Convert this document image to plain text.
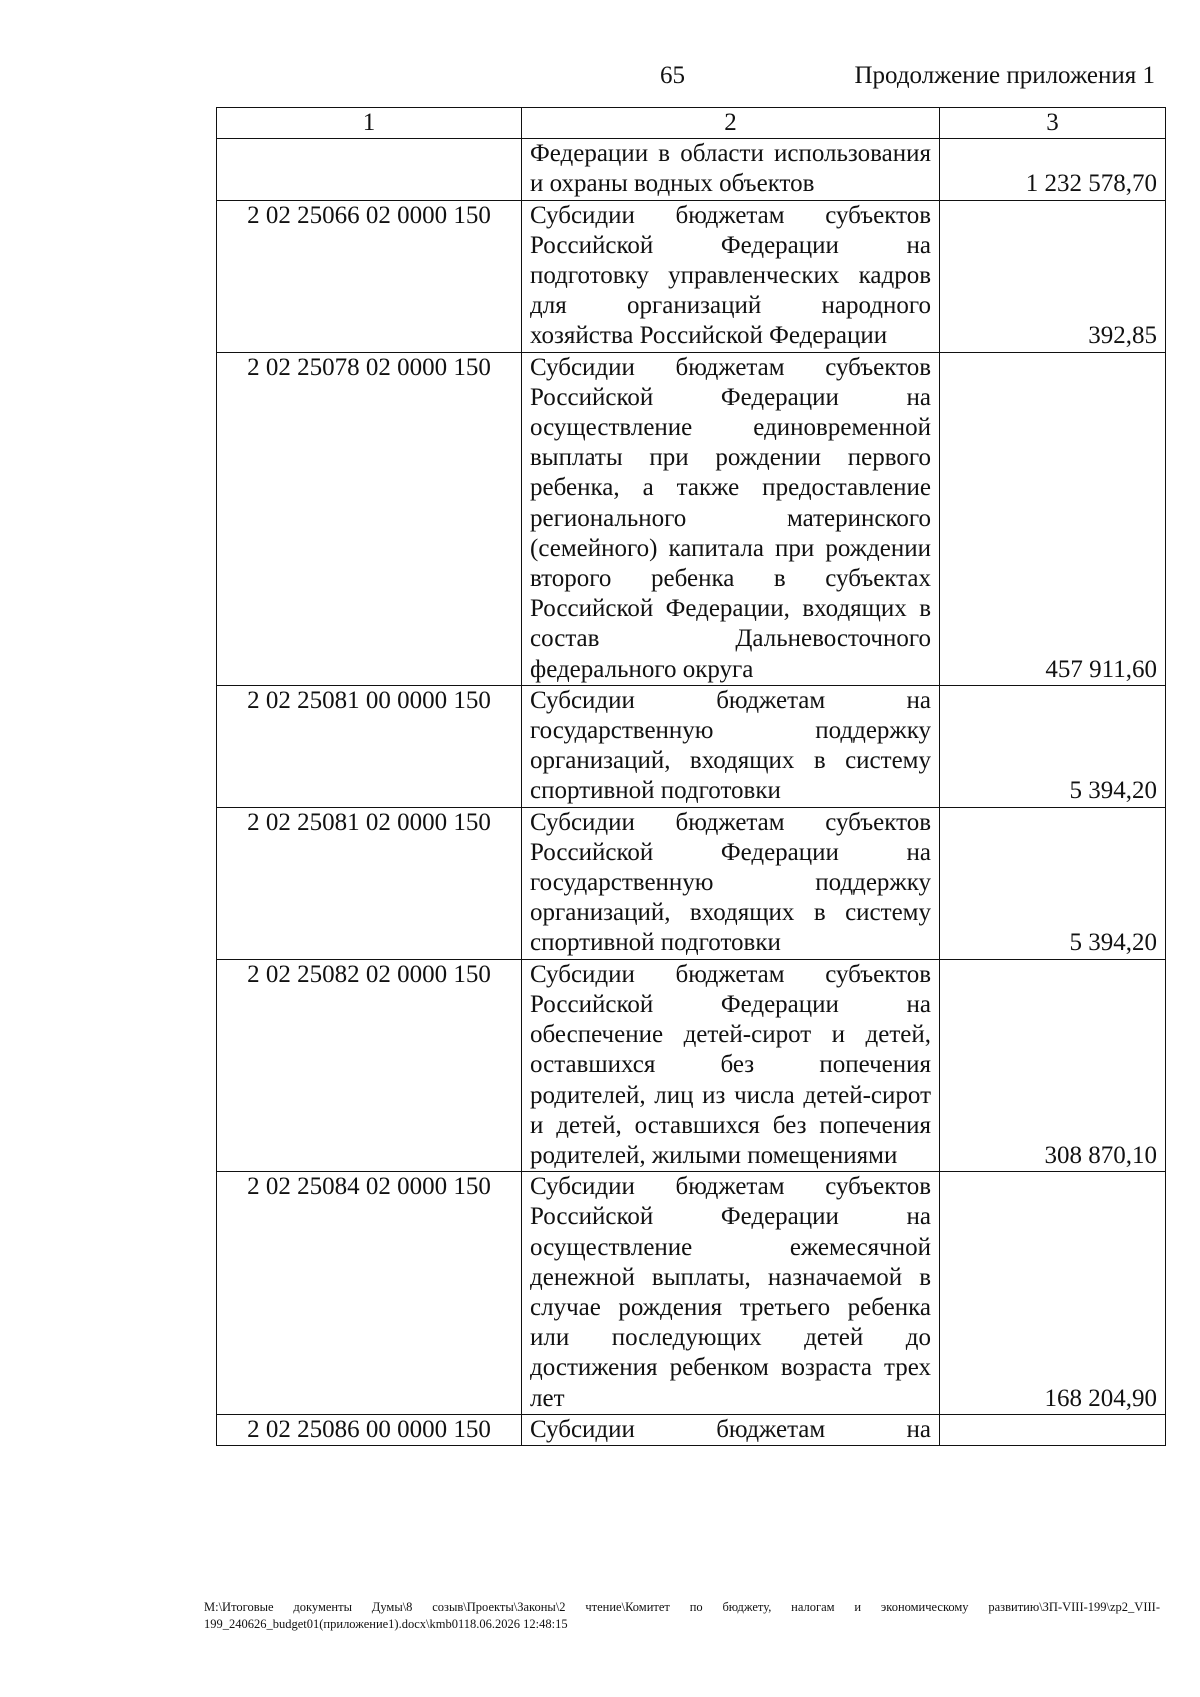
65	Продолжение приложения 1
1	2	3
	Федерации в области использования и охраны водных объектов	1 232 578,70
2 02 25066 02 0000 150	Субсидии бюджетам субъектов Российской Федерации на подготовку управленческих кадров для организаций народного хозяйства Российской Федерации	392,85
2 02 25078 02 0000 150	Субсидии бюджетам субъектов Российской Федерации на осуществление единовременной выплаты при рождении первого ребенка, а также предоставление регионального материнского (семейного) капитала при рождении второго ребенка в субъектах Российской Федерации, входящих в состав Дальневосточного федерального округа	457 911,60
2 02 25081 00 0000 150	Субсидии бюджетам на государственную поддержку организаций, входящих в систему спортивной подготовки	5 394,20
2 02 25081 02 0000 150	Субсидии бюджетам субъектов Российской Федерации на государственную поддержку организаций, входящих в систему спортивной подготовки	5 394,20
2 02 25082 02 0000 150	Субсидии бюджетам субъектов Российской Федерации на обеспечение детей-сирот и детей, оставшихся без попечения родителей, лиц из числа детей-сирот и детей, оставшихся без попечения родителей, жилыми помещениями	308 870,10
2 02 25084 02 0000 150	Субсидии бюджетам субъектов Российской Федерации на осуществление ежемесячной денежной выплаты, назначаемой в случае рождения третьего ребенка или последующих детей до достижения ребенком возраста трех лет	168 204,90
2 02 25086 00 0000 150	Субсидии бюджетам на	
М:\Итоговые документы Думы\8 созыв\Проекты\Законы\2 чтение\Комитет по бюджету, налогам и экономическому развитию\ЗП-VIII-199\zp2_VIII-199_240626_budget01(приложение1).docx\kmb0118.06.2026 12:48:15
